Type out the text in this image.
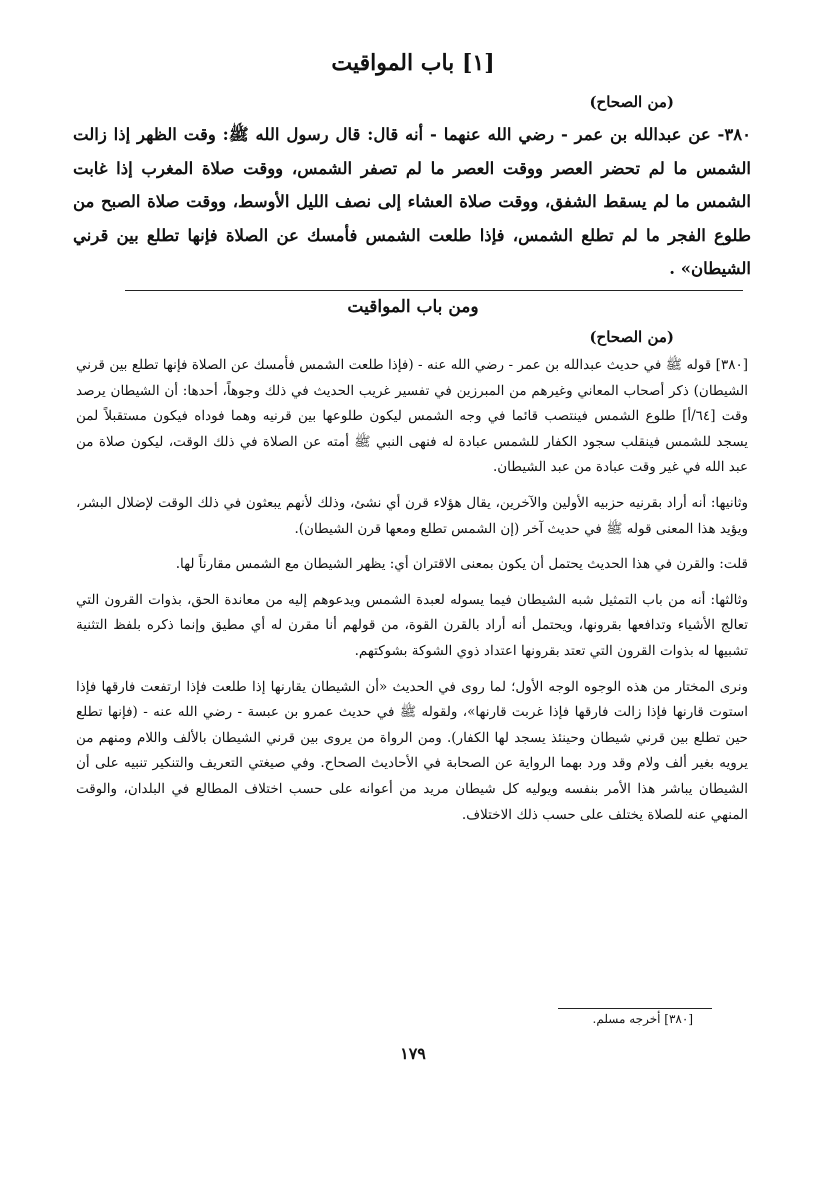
[١] باب المواقيت
(من الصحاح)

٣٨٠- عن عبدالله بن عمر - رضي الله عنهما - أنه قال: قال رسول الله ﷺ: وقت الظهر إذا زالت الشمس ما لم تحضر العصر ووقت العصر ما لم تصفر الشمس، ووقت صلاة المغرب إذا غابت الشمس ما لم يسقط الشفق، ووقت صلاة العشاء إلى نصف الليل الأوسط، ووقت صلاة الصبح من طلوع الفجر ما لم تطلع الشمس، فإذا طلعت الشمس فأمسك عن الصلاة فإنها تطلع بين قرني الشيطان» .

ومن باب المواقيت
(من الصحاح)

[٣٨٠] قوله ﷺ في حديث عبدالله بن عمر - رضي الله عنه - (فإذا طلعت الشمس فأمسك عن الصلاة فإنها تطلع بين قرني الشيطان) ذكر أصحاب المعاني وغيرهم من المبرزين في تفسير غريب الحديث في ذلك وجوهاً، أحدها: أن الشيطان يرصد وقت [٦٤/أ] طلوع الشمس فينتصب قائما في وجه الشمس ليكون طلوعها بين قرنيه وهما فوداه فيكون مستقبلاً لمن يسجد للشمس فينقلب سجود الكفار للشمس عبادة له فنهى النبي ﷺ أمته عن الصلاة في ذلك الوقت، ليكون صلاة من عبد الله في غير وقت عبادة من عبد الشيطان.

وثانيها: أنه أراد بقرنيه حزبيه الأولين والآخرين، يقال هؤلاء قرن أي نشئ، وذلك لأنهم يبعثون في ذلك الوقت لإضلال البشر، ويؤيد هذا المعنى قوله ﷺ في حديث آخر (إن الشمس تطلع ومعها قرن الشيطان).

قلت: والقرن في هذا الحديث يحتمل أن يكون بمعنى الاقتران أي: يظهر الشيطان مع الشمس مقارناً لها.

وثالثها: أنه من باب التمثيل شبه الشيطان فيما يسوله لعبدة الشمس ويدعوهم إليه من معاندة الحق، بذوات القرون التي تعالج الأشياء وتدافعها بقرونها، ويحتمل أنه أراد بالقرن القوة، من قولهم أنا مقرن له أي مطيق وإنما ذكره بلفظ التثنية تشبيها له بذوات القرون التي تعتد بقرونها اعتداد ذوي الشوكة بشوكتهم.

ونرى المختار من هذه الوجوه الوجه الأول؛ لما روى في الحديث «أن الشيطان يقارنها إذا طلعت فإذا ارتفعت فارقها فإذا استوت قارنها فإذا زالت فارقها فإذا غربت قارنها»، ولقوله ﷺ في حديث عمرو بن عبسة - رضي الله عنه - (فإنها تطلع حين تطلع بين قرني شيطان وحينئذ يسجد لها الكفار). ومن الرواة من يروى بين قرني الشيطان بالألف واللام ومنهم من يرويه بغير ألف ولام وقد ورد بهما الرواية عن الصحابة في الأحاديث الصحاح. وفي صيغتي التعريف والتنكير تنبيه على أن الشيطان يباشر هذا الأمر بنفسه ويوليه كل شيطان مريد من أعوانه على حسب اختلاف المطالع في البلدان، والوقت المنهي عنه للصلاة يختلف على حسب ذلك الاختلاف.

[٣٨٠] أخرجه مسلم.

١٧٩
